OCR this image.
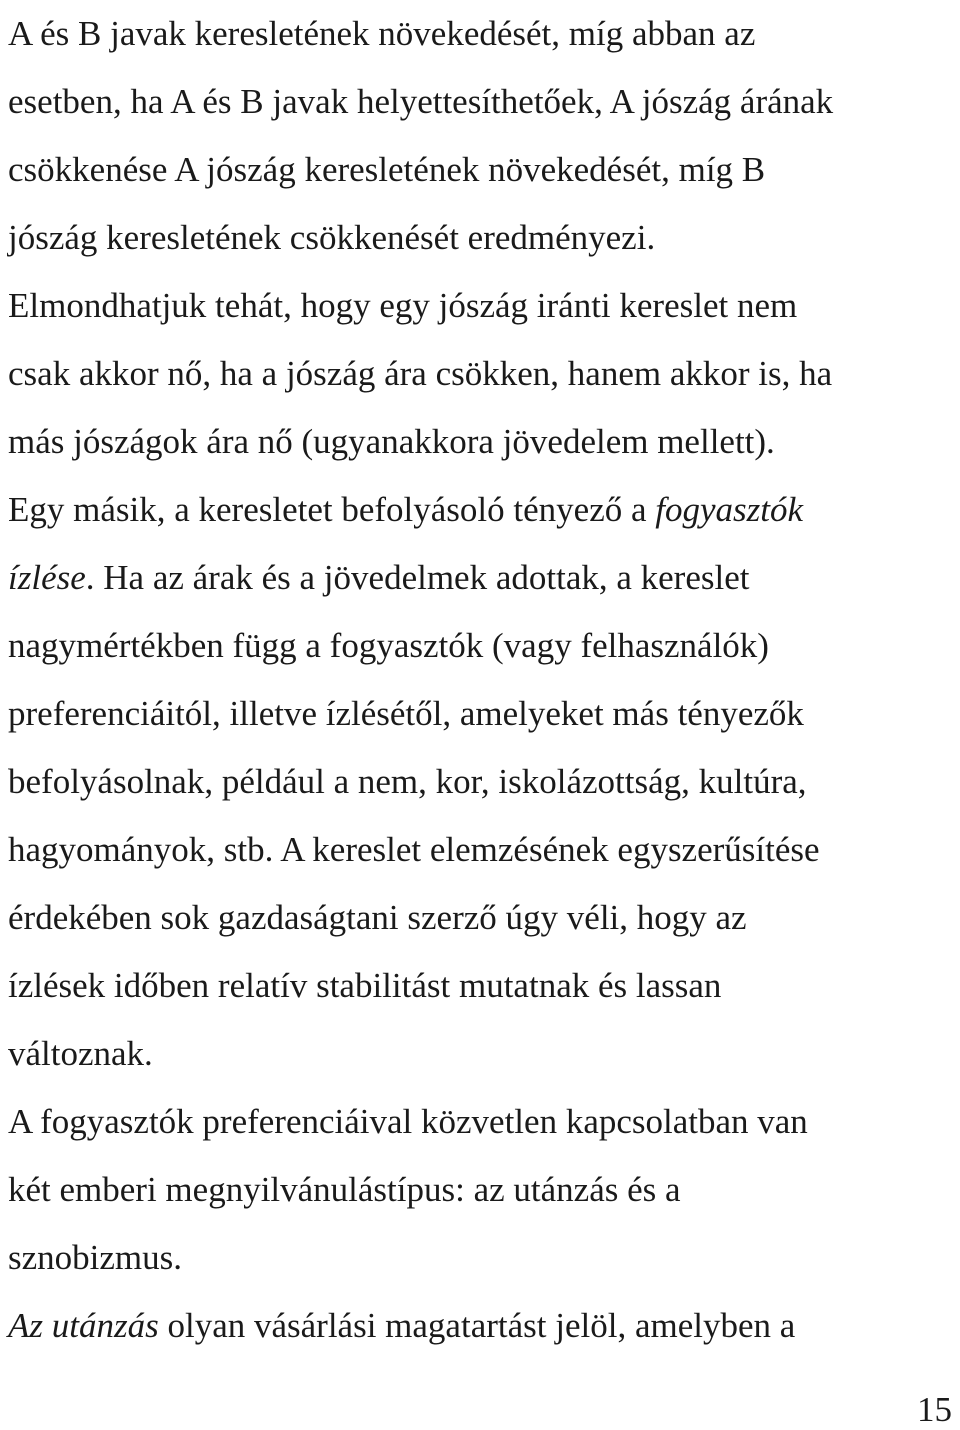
A és B javak keresletének növekedését, míg abban az
esetben, ha A és B javak helyettesíthetőek, A jószág árának
csökkenése A jószág keresletének növekedését, míg B
jószág keresletének csökkenését eredményezi.
Elmondhatjuk tehát, hogy egy jószág iránti kereslet nem
csak akkor nő, ha a jószág ára csökken, hanem akkor is, ha
más jószágok ára nő (ugyanakkora jövedelem mellett).
Egy másik, a keresletet befolyásoló tényező a fogyasztók
ízlése. Ha az árak és a jövedelmek adottak, a kereslet
nagymértékben függ a fogyasztók (vagy felhasználók)
preferenciáitól, illetve ízlésétől, amelyeket más tényezők
befolyásolnak, például a nem, kor, iskolázottság, kultúra,
hagyományok, stb. A kereslet elemzésének egyszerűsítése
érdekében sok gazdaságtani szerző úgy véli, hogy az
ízlések időben relatív stabilitást mutatnak és lassan
változnak.
A fogyasztók preferenciáival közvetlen kapcsolatban van
két emberi megnyilvánulástípus: az utánzás és a
sznobizmus.
Az utánzás olyan vásárlási magatartást jelöl, amelyben a
15
